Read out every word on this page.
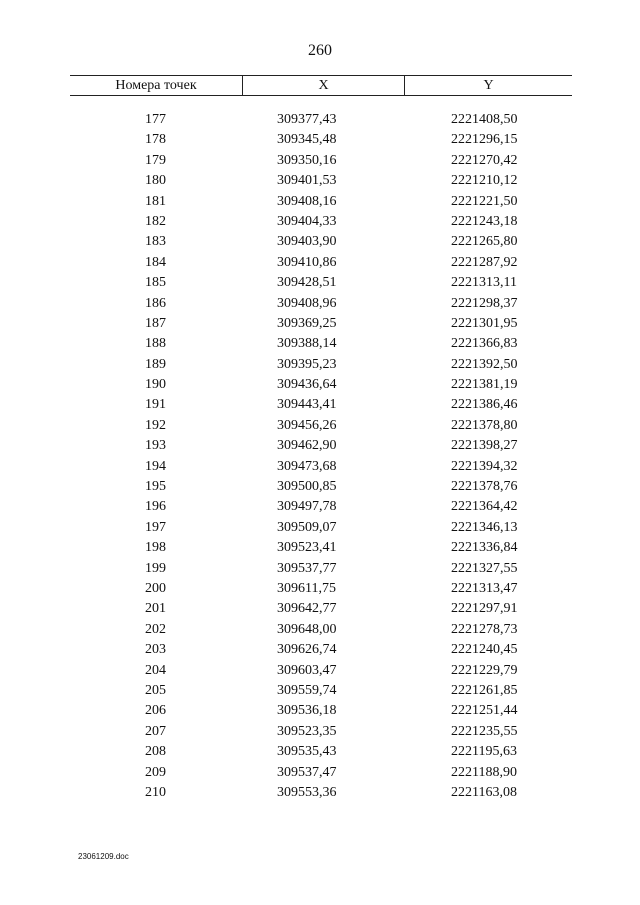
260
Номера точек	X	Y
177	309377,43	2221408,50
178	309345,48	2221296,15
179	309350,16	2221270,42
180	309401,53	2221210,12
181	309408,16	2221221,50
182	309404,33	2221243,18
183	309403,90	2221265,80
184	309410,86	2221287,92
185	309428,51	2221313,11
186	309408,96	2221298,37
187	309369,25	2221301,95
188	309388,14	2221366,83
189	309395,23	2221392,50
190	309436,64	2221381,19
191	309443,41	2221386,46
192	309456,26	2221378,80
193	309462,90	2221398,27
194	309473,68	2221394,32
195	309500,85	2221378,76
196	309497,78	2221364,42
197	309509,07	2221346,13
198	309523,41	2221336,84
199	309537,77	2221327,55
200	309611,75	2221313,47
201	309642,77	2221297,91
202	309648,00	2221278,73
203	309626,74	2221240,45
204	309603,47	2221229,79
205	309559,74	2221261,85
206	309536,18	2221251,44
207	309523,35	2221235,55
208	309535,43	2221195,63
209	309537,47	2221188,90
210	309553,36	2221163,08
23061209.doc
